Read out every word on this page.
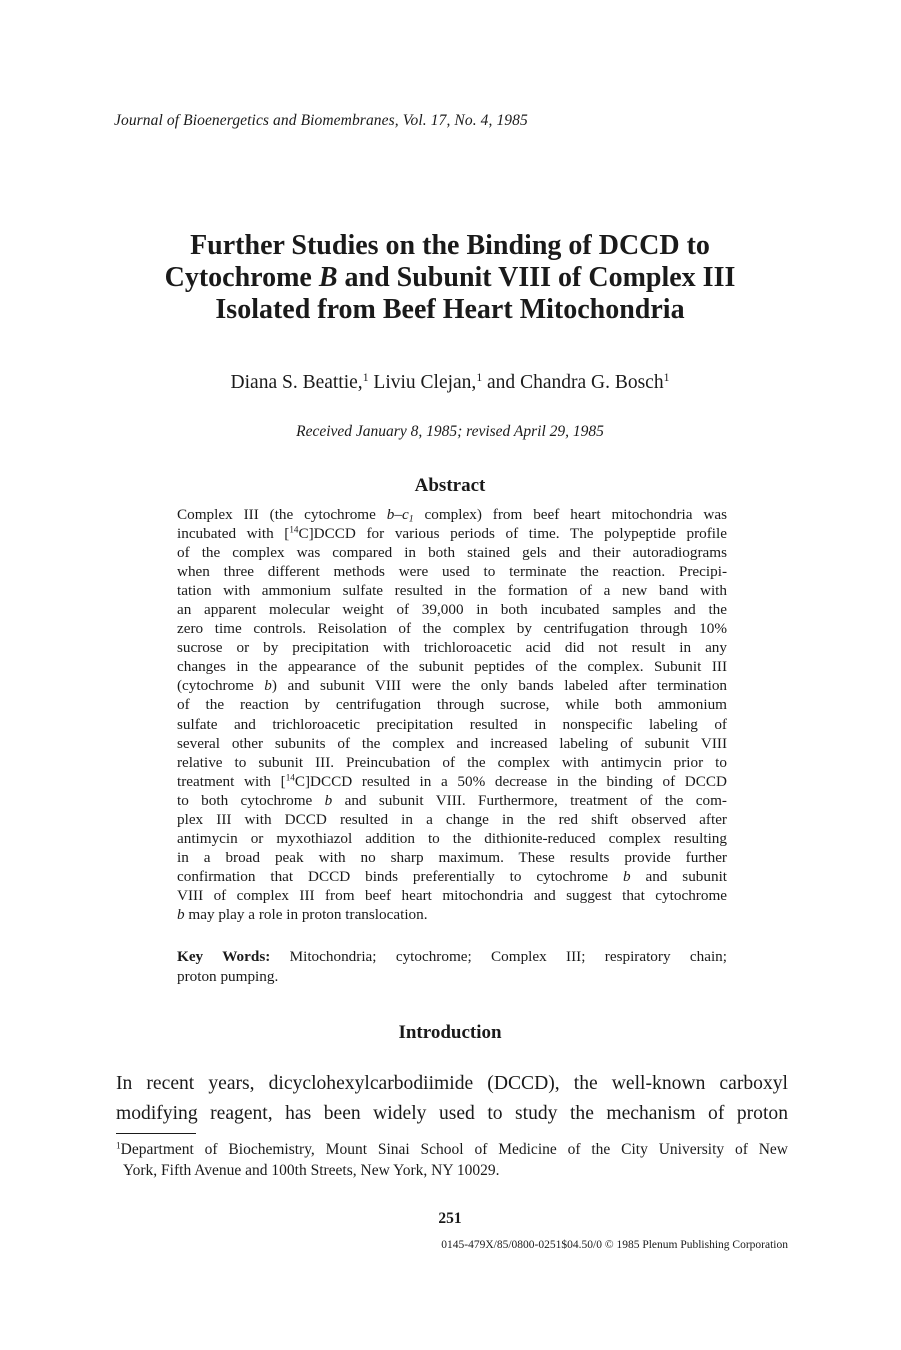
Journal of Bioenergetics and Biomembranes, Vol. 17, No. 4, 1985
Further Studies on the Binding of DCCD to
Cytochrome B and Subunit VIII of Complex III
Isolated from Beef Heart Mitochondria
Diana S. Beattie,$^1$ Liviu Clejan,$^1$ and Chandra G. Bosch$^1$
Received January 8, 1985; revised April 29, 1985
Abstract
Complex III (the cytochrome $b-c_1$ complex) from beef heart mitochondria was
incubated with [$^{14}$C]DCCD for various periods of time. The polypeptide profile
of the complex was compared in both stained gels and their autoradiograms
when three different methods were used to terminate the reaction. Precipi-
tation with ammonium sulfate resulted in the formation of a new band with
an apparent molecular weight of 39,000 in both incubated samples and the
zero time controls. Reisolation of the complex by centrifugation through 10%
sucrose or by precipitation with trichloroacetic acid did not result in any
changes in the appearance of the subunit peptides of the complex. Subunit III
(cytochrome b) and subunit VIII were the only bands labeled after termination
of the reaction by centrifugation through sucrose, while both ammonium
sulfate and trichloroacetic precipitation resulted in nonspecific labeling of
several other subunits of the complex and increased labeling of subunit VIII
relative to subunit III. Preincubation of the complex with antimycin prior to
treatment with [$^{14}$C]DCCD resulted in a 50% decrease in the binding of DCCD
to both cytochrome b and subunit VIII. Furthermore, treatment of the com-
plex III with DCCD resulted in a change in the red shift observed after
antimycin or myxothiazol addition to the dithionite-reduced complex resulting
in a broad peak with no sharp maximum. These results provide further
confirmation that DCCD binds preferentially to cytochrome b and subunit
VIII of complex III from beef heart mitochondria and suggest that cytochrome
b may play a role in proton translocation.
Key Words: Mitochondria; cytochrome; Complex III; respiratory chain;
proton pumping.
Introduction
In recent years, dicyclohexylcarbodiimide (DCCD), the well-known carboxyl
modifying reagent, has been widely used to study the mechanism of proton
$^1$Department of Biochemistry, Mount Sinai School of Medicine of the City University of New
York, Fifth Avenue and 100th Streets, New York, NY 10029.
251
0145-479X/85/0800-0251$04.50/0 © 1985 Plenum Publishing Corporation
